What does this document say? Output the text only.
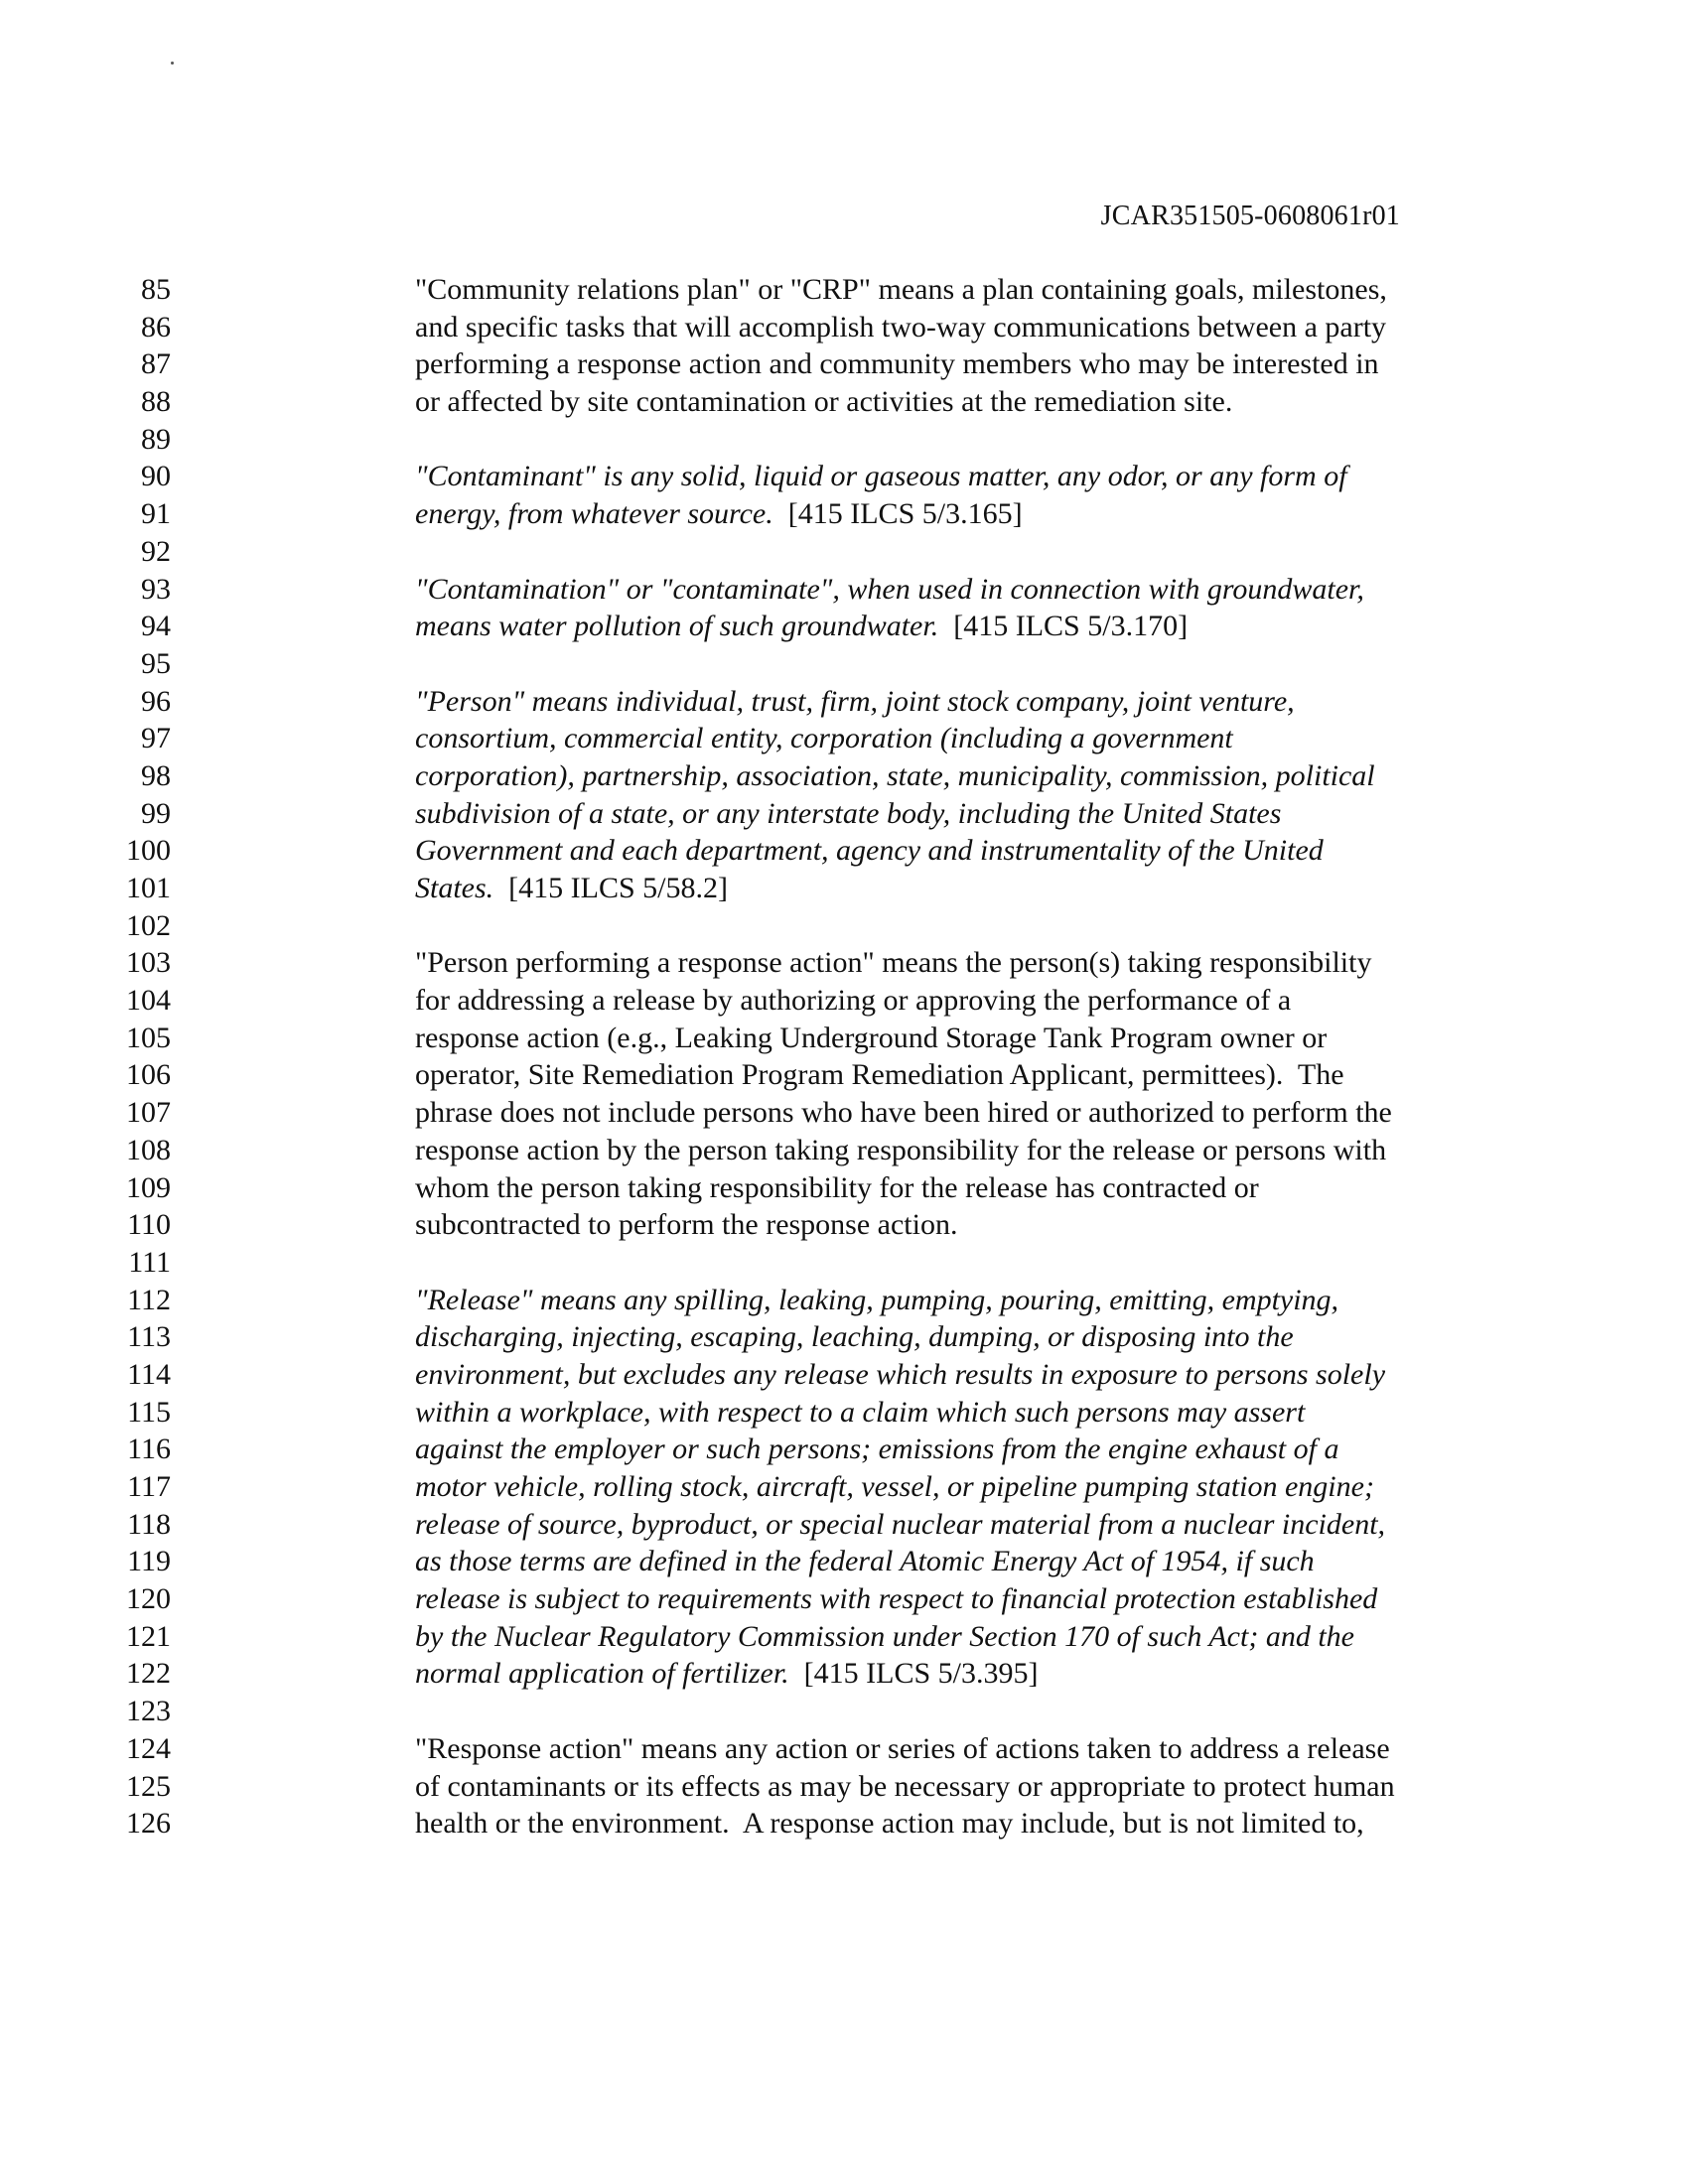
JCAR351505-0608061r01
85	"Community relations plan" or "CRP" means a plan containing goals, milestones,
86	and specific tasks that will accomplish two-way communications between a party
87	performing a response action and community members who may be interested in
88	or affected by site contamination or activities at the remediation site.
89
90	"Contaminant" is any solid, liquid or gaseous matter, any odor, or any form of
91	energy, from whatever source.  [415 ILCS 5/3.165]
92
93	"Contamination" or "contaminate", when used in connection with groundwater,
94	means water pollution of such groundwater.  [415 ILCS 5/3.170]
95
96	"Person" means individual, trust, firm, joint stock company, joint venture,
97	consortium, commercial entity, corporation (including a government
98	corporation), partnership, association, state, municipality, commission, political
99	subdivision of a state, or any interstate body, including the United States
100	Government and each department, agency and instrumentality of the United
101	States.  [415 ILCS 5/58.2]
102
103	"Person performing a response action" means the person(s) taking responsibility
104	for addressing a release by authorizing or approving the performance of a
105	response action (e.g., Leaking Underground Storage Tank Program owner or
106	operator, Site Remediation Program Remediation Applicant, permittees).  The
107	phrase does not include persons who have been hired or authorized to perform the
108	response action by the person taking responsibility for the release or persons with
109	whom the person taking responsibility for the release has contracted or
110	subcontracted to perform the response action.
111
112	"Release" means any spilling, leaking, pumping, pouring, emitting, emptying,
113	discharging, injecting, escaping, leaching, dumping, or disposing into the
114	environment, but excludes any release which results in exposure to persons solely
115	within a workplace, with respect to a claim which such persons may assert
116	against the employer or such persons; emissions from the engine exhaust of a
117	motor vehicle, rolling stock, aircraft, vessel, or pipeline pumping station engine;
118	release of source, byproduct, or special nuclear material from a nuclear incident,
119	as those terms are defined in the federal Atomic Energy Act of 1954, if such
120	release is subject to requirements with respect to financial protection established
121	by the Nuclear Regulatory Commission under Section 170 of such Act; and the
122	normal application of fertilizer.  [415 ILCS 5/3.395]
123
124	"Response action" means any action or series of actions taken to address a release
125	of contaminants or its effects as may be necessary or appropriate to protect human
126	health or the environment.  A response action may include, but is not limited to,
